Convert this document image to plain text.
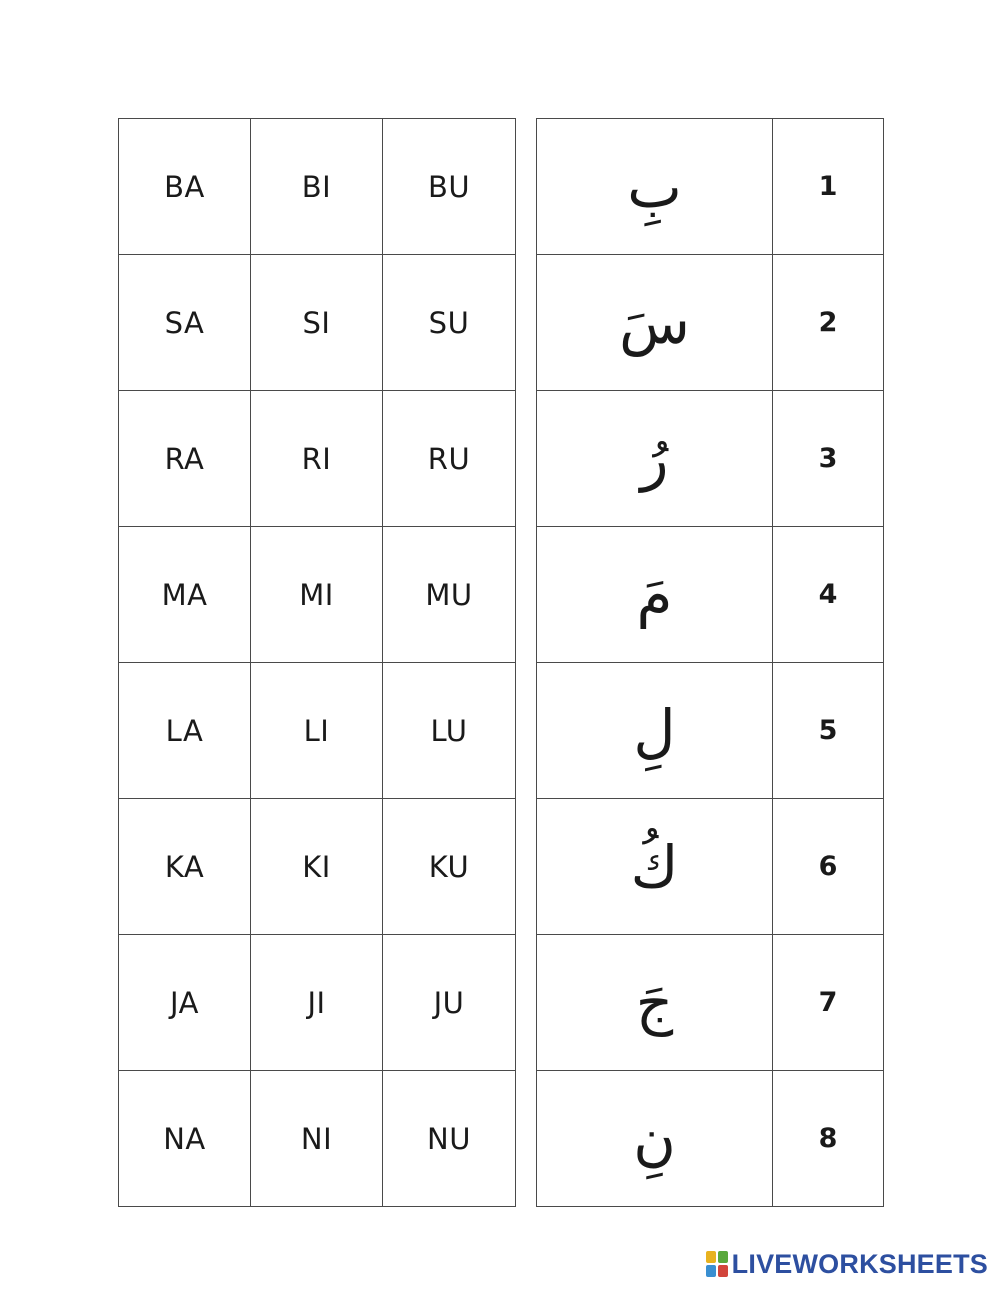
BA	BI	BU		بِ	1
SA	SI	SU		سَ	2
RA	RI	RU		رُ	3
MA	MI	MU		مَ	4
LA	LI	LU		لِ	5
KA	KI	KU		كُ	6
JA	JI	JU		جَ	7
NA	NI	NU		نِ	8
LIVEWORKSHEETS
